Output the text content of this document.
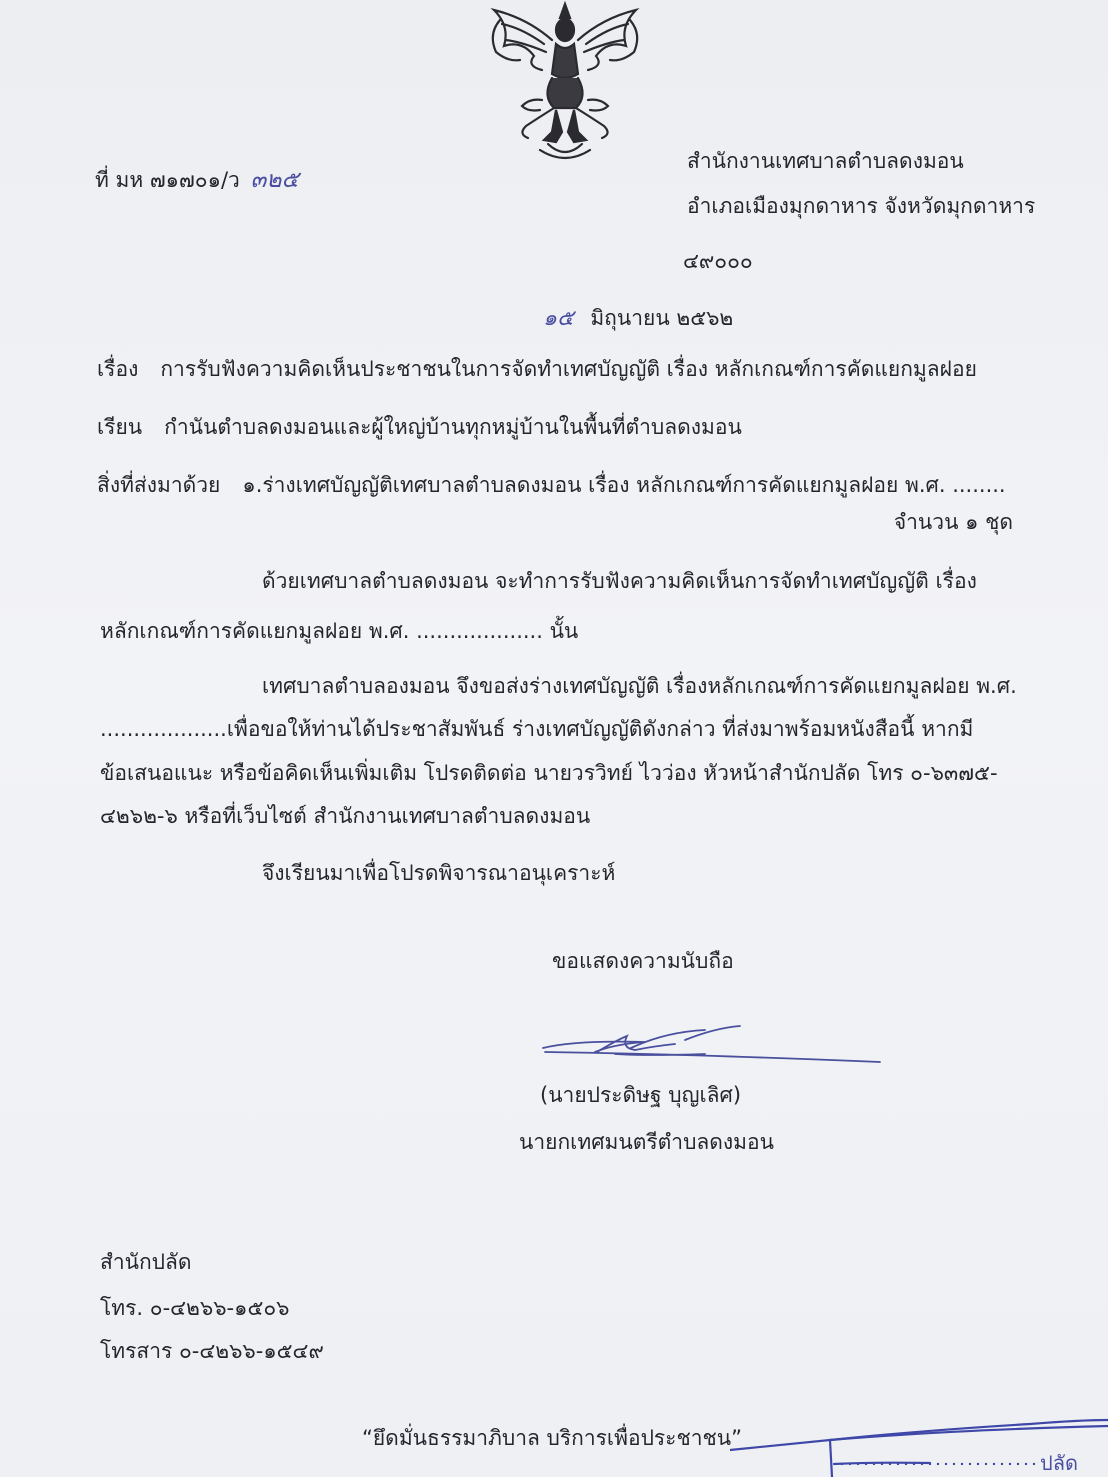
ที่ มห ๗๑๗๐๑/ว ๓๒๕
สำนักงานเทศบาลตำบลดงมอน
อำเภอเมืองมุกดาหาร จังหวัดมุกดาหาร
๔๙๐๐๐
๑๕ มิถุนายน ๒๕๖๒
เรื่อง การรับฟังความคิดเห็นประชาชนในการจัดทำเทศบัญญัติ เรื่อง หลักเกณฑ์การคัดแยกมูลฝอย
เรียน กำนันตำบลดงมอนและผู้ใหญ่บ้านทุกหมู่บ้านในพื้นที่ตำบลดงมอน
สิ่งที่ส่งมาด้วย ๑.ร่างเทศบัญญัติเทศบาลตำบลดงมอน เรื่อง หลักเกณฑ์การคัดแยกมูลฝอย พ.ศ. ........
จำนวน ๑ ชุด
ด้วยเทศบาลตำบลดงมอน จะทำการรับฟังความคิดเห็นการจัดทำเทศบัญญัติ เรื่อง
หลักเกณฑ์การคัดแยกมูลฝอย พ.ศ. ................... นั้น
เทศบาลตำบลองมอน จึงขอส่งร่างเทศบัญญัติ เรื่องหลักเกณฑ์การคัดแยกมูลฝอย พ.ศ.
...................เพื่อขอให้ท่านได้ประชาสัมพันธ์ ร่างเทศบัญญัติดังกล่าว ที่ส่งมาพร้อมหนังสือนี้ หากมี
ข้อเสนอแนะ หรือข้อคิดเห็นเพิ่มเติม โปรดติดต่อ นายวรวิทย์ ไวว่อง หัวหน้าสำนักปลัด โทร ๐-๖๓๗๕-
๔๒๖๒-๖ หรือที่เว็บไซต์ สำนักงานเทศบาลตำบลดงมอน
จึงเรียนมาเพื่อโปรดพิจารณาอนุเคราะห์
ขอแสดงความนับถือ
(นายประดิษฐ บุญเลิศ)
นายกเทศมนตรีตำบลดงมอน
สำนักปลัด
โทร. ๐-๔๒๖๖-๑๕๐๖
โทรสาร ๐-๔๒๖๖-๑๕๔๙
“ยึดมั่นธรรมาภิบาล บริการเพื่อประชาชน”
ปลัด
